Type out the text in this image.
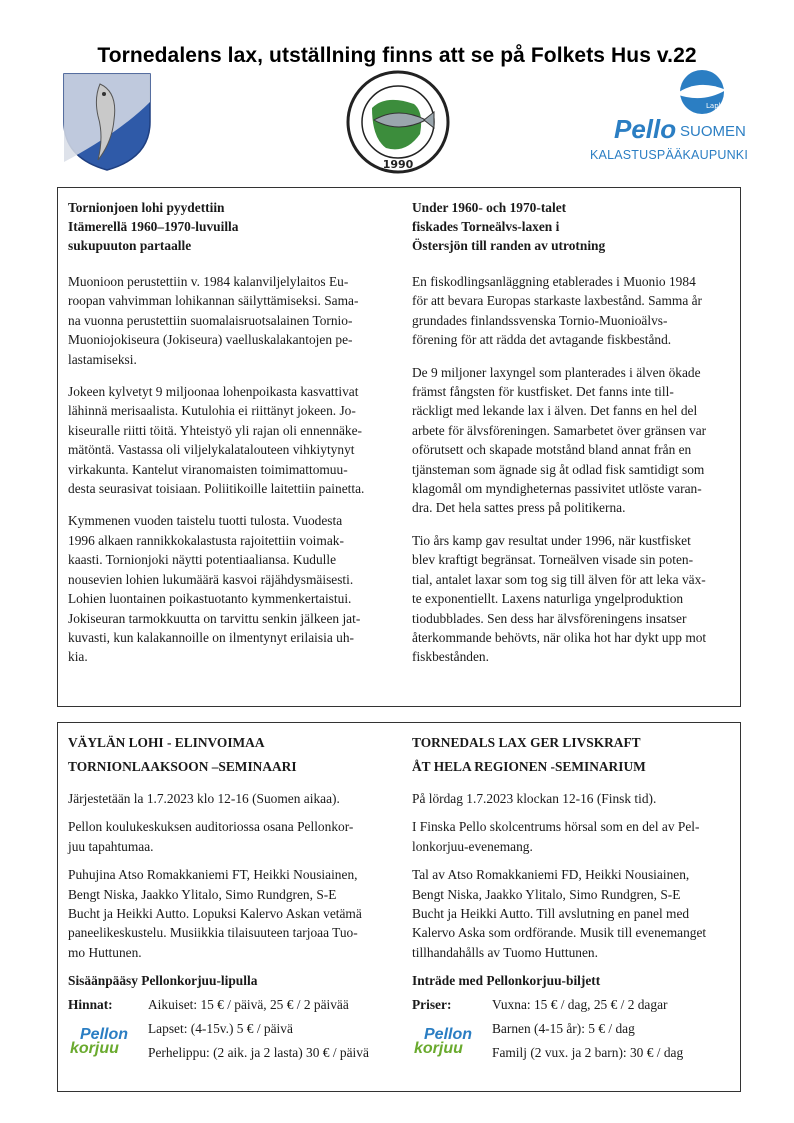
Tornedalens lax, utställning finns att se på Folkets Hus v.22
1990
Lapland
Pello SUOMEN
KALASTUSPÄÄKAUPUNKI
Tornionjoen lohi pyydettiin
Itämerellä 1960–1970-luvuilla
sukupuuton partaalle

Muonioon perustettiin v. 1984 kalanviljelylaitos Eu-
roopan vahvimman lohikannan säilyttämiseksi. Sama-
na vuonna perustettiin suomalaisruotsalainen Tornio-
Muoniojokiseura (Jokiseura) vaelluskalakantojen pe-
lastamiseksi.

Jokeen kylvetyt 9 miljoonaa lohenpoikasta kasvattivat
lähinnä merisaalista. Kutulohia ei riittänyt jokeen. Jo-
kiseuralle riitti töitä. Yhteistyö yli rajan oli ennennäke-
mätöntä. Vastassa oli viljelykalatalouteen vihkiytynyt
virkakunta. Kantelut viranomaisten toimimattomuu-
desta seurasivat toisiaan. Poliitikoille laitettiin painetta.

Kymmenen vuoden taistelu tuotti tulosta. Vuodesta
1996 alkaen rannikkokalastusta rajoitettiin voimak-
kaasti. Tornionjoki näytti potentiaaliansa. Kudulle
nousevien lohien lukumäärä kasvoi räjähdysmäisesti.
Lohien luontainen poikastuotanto kymmenkertaistui.
Jokiseuran tarmokkuutta on tarvittu senkin jälkeen jat-
kuvasti, kun kalakannoille on ilmentynyt erilaisia uh-
kia.

Under 1960- och 1970-talet
fiskades Torneälvs-laxen i
Östersjön till randen av utrotning

En fiskodlingsanläggning etablerades i Muonio 1984
för att bevara Europas starkaste laxbestånd. Samma år
grundades finlandssvenska Tornio-Muonioälvs-
förening för att rädda det avtagande fiskbestånd.

De 9 miljoner laxyngel som planterades i älven ökade
främst fångsten för kustfisket. Det fanns inte till-
räckligt med lekande lax i älven. Det fanns en hel del
arbete för älvsföreningen. Samarbetet över gränsen var
oförutsett och skapade motstånd bland annat från en
tjänsteman som ägnade sig åt odlad fisk samtidigt som
klagomål om myndigheternas passivitet utlöste varan-
dra. Det hela sattes press på politikerna.

Tio års kamp gav resultat under 1996, när kustfisket
blev kraftigt begränsat. Torneälven visade sin poten-
tial, antalet laxar som tog sig till älven för att leka väx-
te exponentiellt. Laxens naturliga yngelproduktion
tiodubblades. Sen dess har älvsföreningens insatser
återkommande behövts, när olika hot har dykt upp mot
fiskbestånden.

VÄYLÄN LOHI - ELINVOIMAA
TORNIONLAAKSOON –SEMINAARI

Järjestetään la 1.7.2023 klo 12-16 (Suomen aikaa).

Pellon koulukeskuksen auditoriossa osana Pellonkor-
juu tapahtumaa.

Puhujina Atso Romakkaniemi FT, Heikki Nousiainen,
Bengt Niska, Jaakko Ylitalo, Simo Rundgren, S-E
Bucht ja Heikki Autto. Lopuksi Kalervo Askan vetämä
paneelikeskustelu. Musiikkia tilaisuuteen tarjoaa Tuo-
mo Huttunen.

Sisäänpääsy Pellonkorjuu-lipulla
Hinnat:	Aikuiset: 15 € / päivä, 25 € / 2 päivää
Lapset: (4-15v.) 5 € / päivä
Perhelippu: (2 aik. ja 2 lasta) 30 € / päivä
Pellon
korjuu
TORNEDALS LAX GER LIVSKRAFT
ÅT HELA REGIONEN -SEMINARIUM

På lördag 1.7.2023 klockan 12-16 (Finsk tid).

I Finska Pello skolcentrums hörsal som en del av Pel-
lonkorjuu-evenemang.

Tal av Atso Romakkaniemi FD, Heikki Nousiainen,
Bengt Niska, Jaakko Ylitalo, Simo Rundgren, S-E
Bucht ja Heikki Autto. Till avslutning en panel med
Kalervo Aska som ordförande. Musik till evenemanget
tillhandahålls av Tuomo Huttunen.

Inträde med Pellonkorjuu-biljett
Priser:	Vuxna: 15 € / dag, 25 € / 2 dagar
Barnen (4-15 år): 5 € / dag
Familj (2 vux. ja 2 barn): 30 € / dag
Pellon
korjuu
